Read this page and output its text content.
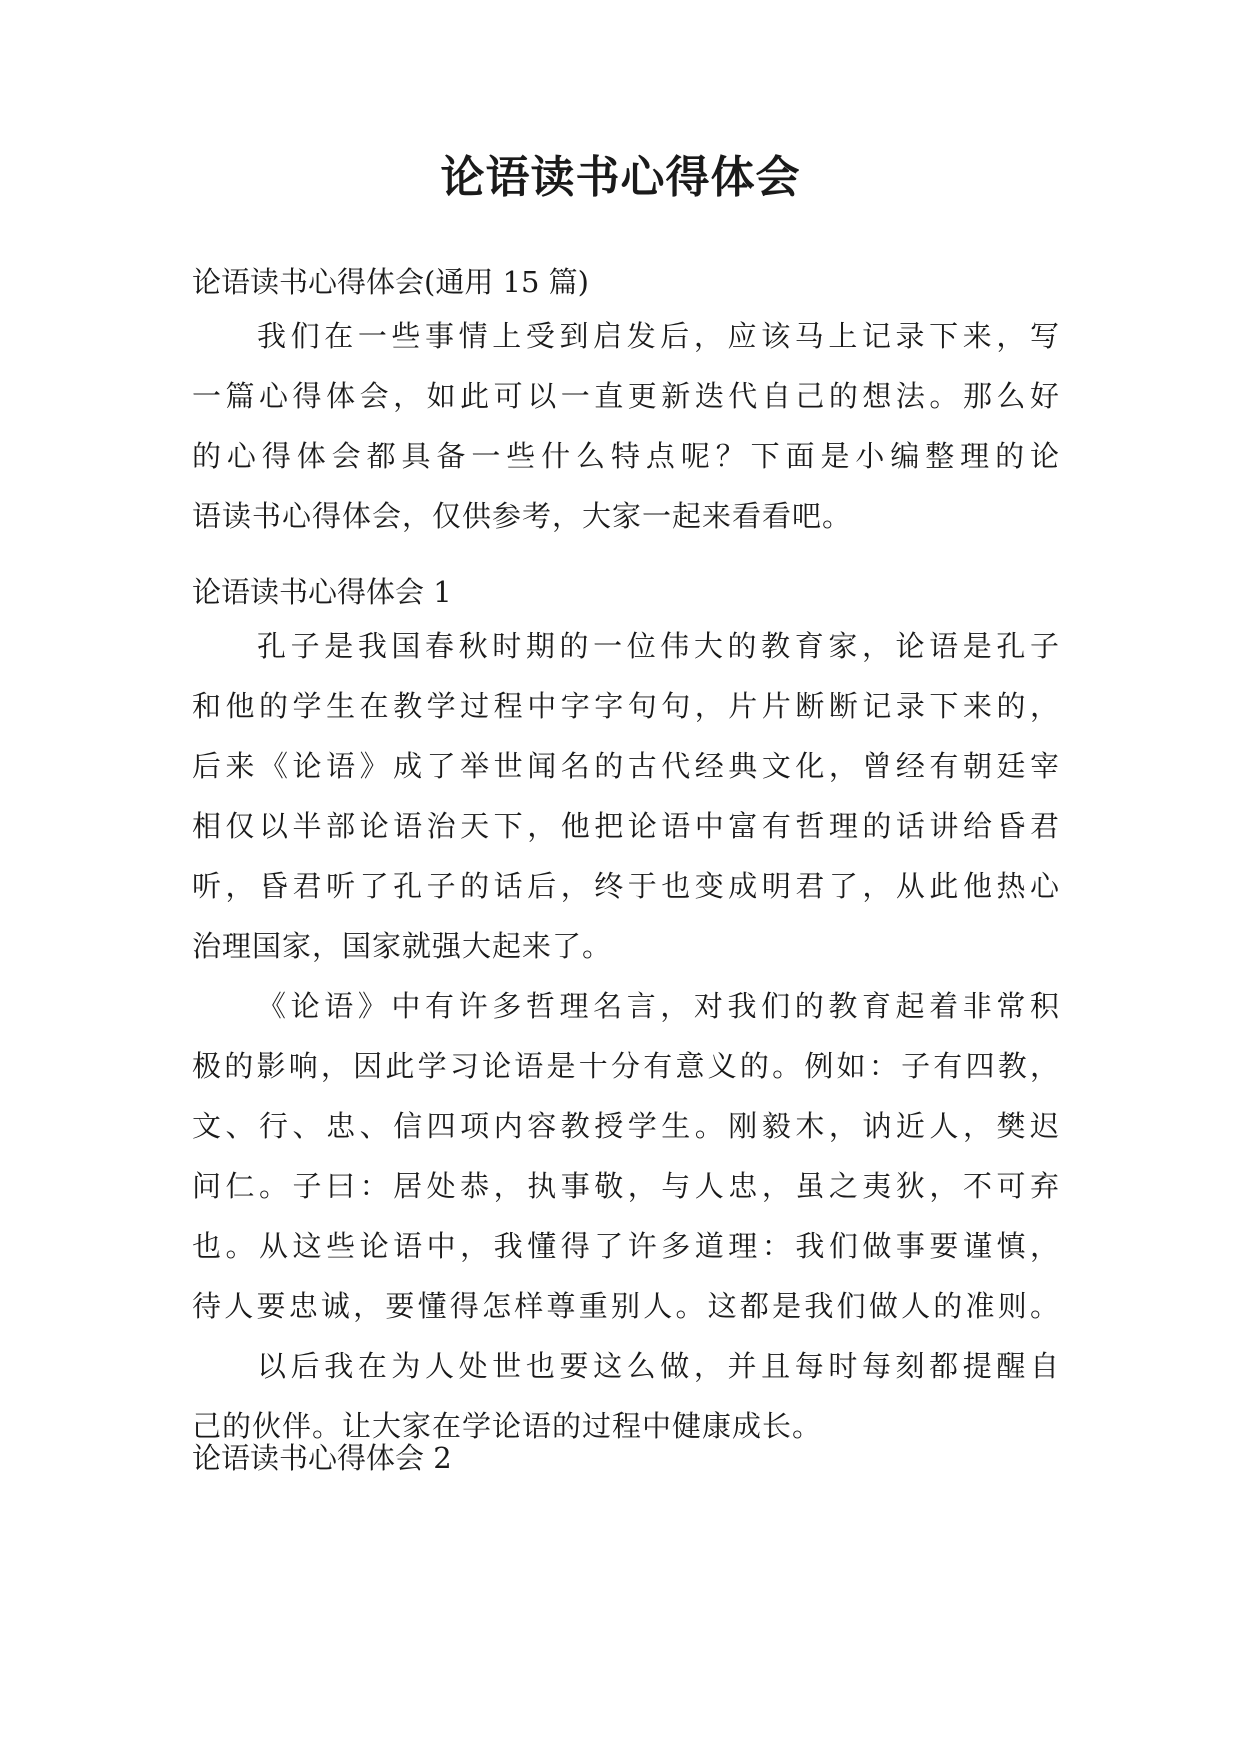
论语读书心得体会
论语读书心得体会(通用 15 篇)
我们在一些事情上受到启发后，应该马上记录下来，写
一篇心得体会，如此可以一直更新迭代自己的想法。那么好
的心得体会都具备一些什么特点呢？下面是小编整理的论
语读书心得体会，仅供参考，大家一起来看看吧。
论语读书心得体会 1
孔子是我国春秋时期的一位伟大的教育家，论语是孔子
和他的学生在教学过程中字字句句，片片断断记录下来的，
后来《论语》成了举世闻名的古代经典文化，曾经有朝廷宰
相仅以半部论语治天下，他把论语中富有哲理的话讲给昏君
听，昏君听了孔子的话后，终于也变成明君了，从此他热心
治理国家，国家就强大起来了。
《论语》中有许多哲理名言，对我们的教育起着非常积
极的影响，因此学习论语是十分有意义的。例如：子有四教，
文、行、忠、信四项内容教授学生。刚毅木，讷近人，樊迟
问仁。子曰：居处恭，执事敬，与人忠，虽之夷狄，不可弃
也。从这些论语中，我懂得了许多道理：我们做事要谨慎，
待人要忠诚，要懂得怎样尊重别人。这都是我们做人的准则。
以后我在为人处世也要这么做，并且每时每刻都提醒自
己的伙伴。让大家在学论语的过程中健康成长。
论语读书心得体会 2
